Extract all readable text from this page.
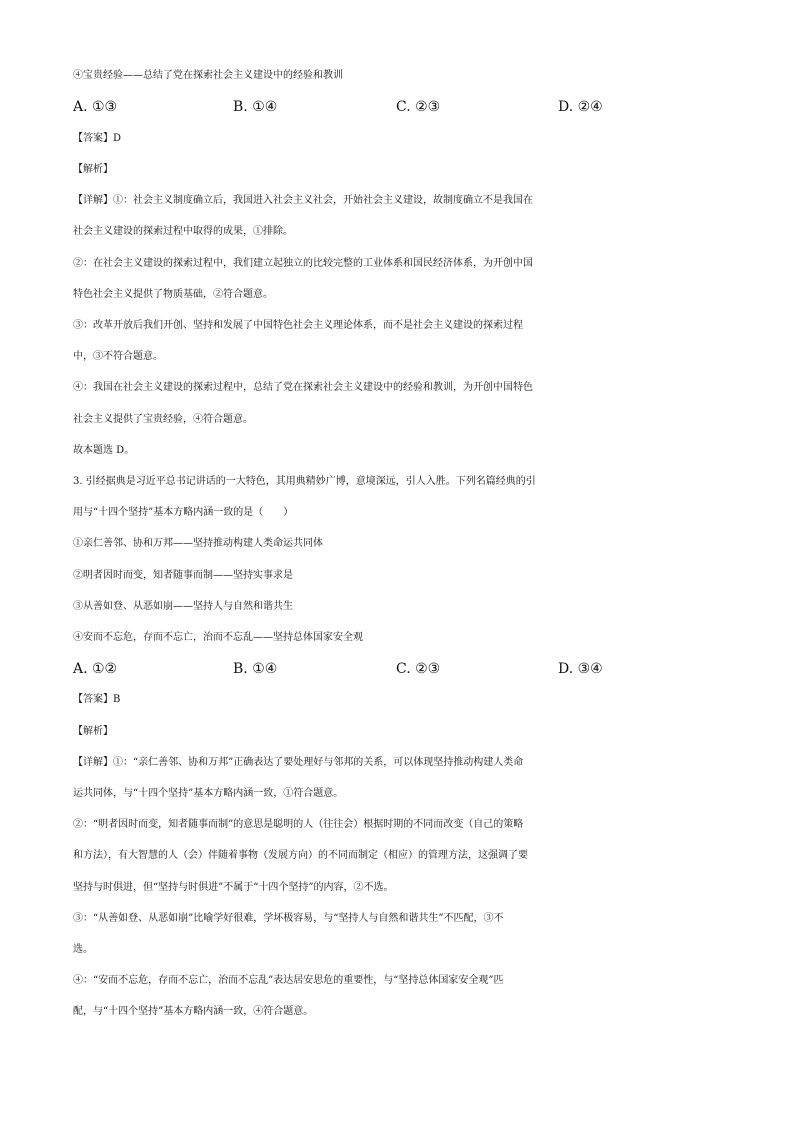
④宝贵经验——总结了党在探索社会主义建设中的经验和教训
A. ①③	B. ①④	C. ②③	D. ②④
【答案】D
【解析】
【详解】①：社会主义制度确立后，我国进入社会主义社会，开始社会主义建设，故制度确立不是我国在
社会主义建设的探索过程中取得的成果，①排除。
②：在社会主义建设的探索过程中，我们建立起独立的比较完整的工业体系和国民经济体系，为开创中国
特色社会主义提供了物质基础，②符合题意。
③：改革开放后我们开创、坚持和发展了中国特色社会主义理论体系，而不是社会主义建设的探索过程
中，③不符合题意。
④：我国在社会主义建设的探索过程中，总结了党在探索社会主义建设中的经验和教训，为开创中国特色
社会主义提供了宝贵经验，④符合题意。
故本题选 D。
3. 引经据典是习近平总书记讲话的一大特色，其用典精妙广博，意境深远，引人入胜。下列名篇经典的引
用与“十四个坚持”基本方略内涵一致的是（　　）
①亲仁善邻、协和万邦——坚持推动构建人类命运共同体
②明者因时而变，知者随事而制——坚持实事求是
③从善如登、从恶如崩——坚持人与自然和谐共生
④安而不忘危，存而不忘亡，治而不忘乱——坚持总体国家安全观
A. ①②	B. ①④	C. ②③	D. ③④
【答案】B
【解析】
【详解】①：“亲仁善邻、协和万邦”正确表达了要处理好与邻邦的关系，可以体现坚持推动构建人类命
运共同体，与“十四个坚持”基本方略内涵一致，①符合题意。
②：“明者因时而变，知者随事而制”的意思是聪明的人（往往会）根据时期的不同而改变（自己的策略
和方法），有大智慧的人（会）伴随着事物（发展方向）的不同而制定（相应）的管理方法，这强调了要
坚持与时俱进，但“坚持与时俱进”不属于“十四个坚持”的内容，②不选。
③：“从善如登、从恶如崩”比喻学好很难，学坏极容易，与“坚持人与自然和谐共生”不匹配，③不
选。
④：“安而不忘危，存而不忘亡，治而不忘乱”表达居安思危的重要性，与“坚持总体国家安全观”匹
配，与“十四个坚持”基本方略内涵一致，④符合题意。
